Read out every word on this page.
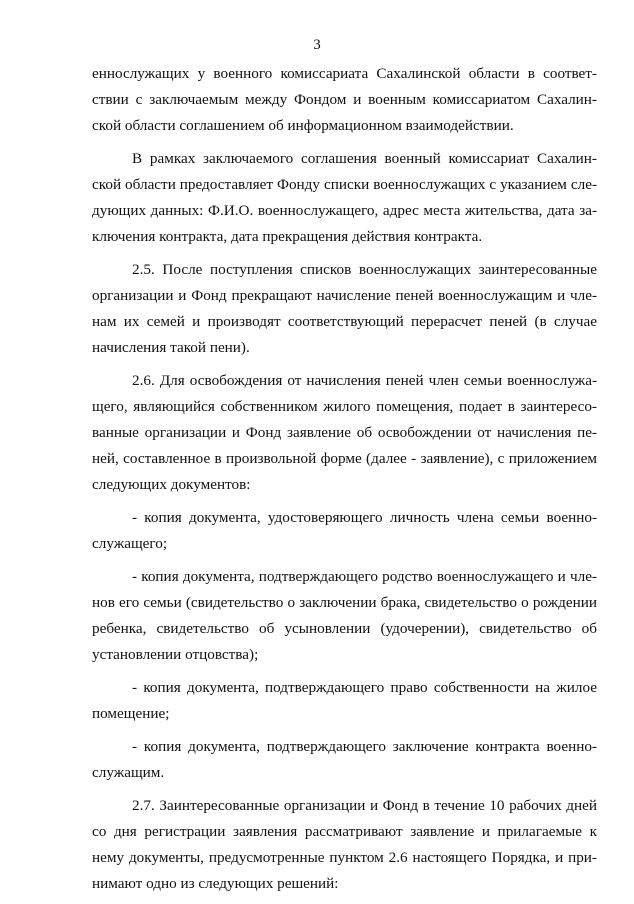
3
еннослужащих у военного комиссариата Сахалинской области в соответ-
ствии с заключаемым между Фондом и военным комиссариатом Сахалин-
ской области соглашением об информационном взаимодействии.
В рамках заключаемого соглашения военный комиссариат Сахалин-
ской области предоставляет Фонду списки военнослужащих с указанием сле-
дующих данных: Ф.И.О. военнослужащего, адрес места жительства, дата за-
ключения контракта, дата прекращения действия контракта.
2.5. После поступления списков военнослужащих заинтересованные
организации и Фонд прекращают начисление пеней военнослужащим и чле-
нам их семей и производят соответствующий перерасчет пеней (в случае
начисления такой пени).
2.6. Для освобождения от начисления пеней член семьи военнослужа-
щего, являющийся собственником жилого помещения, подает в заинтересо-
ванные организации и Фонд заявление об освобождении от начисления пе-
ней, составленное в произвольной форме (далее - заявление), с приложением
следующих документов:
- копия документа, удостоверяющего личность члена семьи военно-
служащего;
- копия документа, подтверждающего родство военнослужащего и чле-
нов его семьи (свидетельство о заключении брака, свидетельство о рождении
ребенка, свидетельство об усыновлении (удочерении), свидетельство об
установлении отцовства);
- копия документа, подтверждающего право собственности на жилое
помещение;
- копия документа, подтверждающего заключение контракта военно-
служащим.
2.7. Заинтересованные организации и Фонд в течение 10 рабочих дней
со дня регистрации заявления рассматривают заявление и прилагаемые к
нему документы, предусмотренные пунктом 2.6 настоящего Порядка, и при-
нимают одно из следующих решений:
